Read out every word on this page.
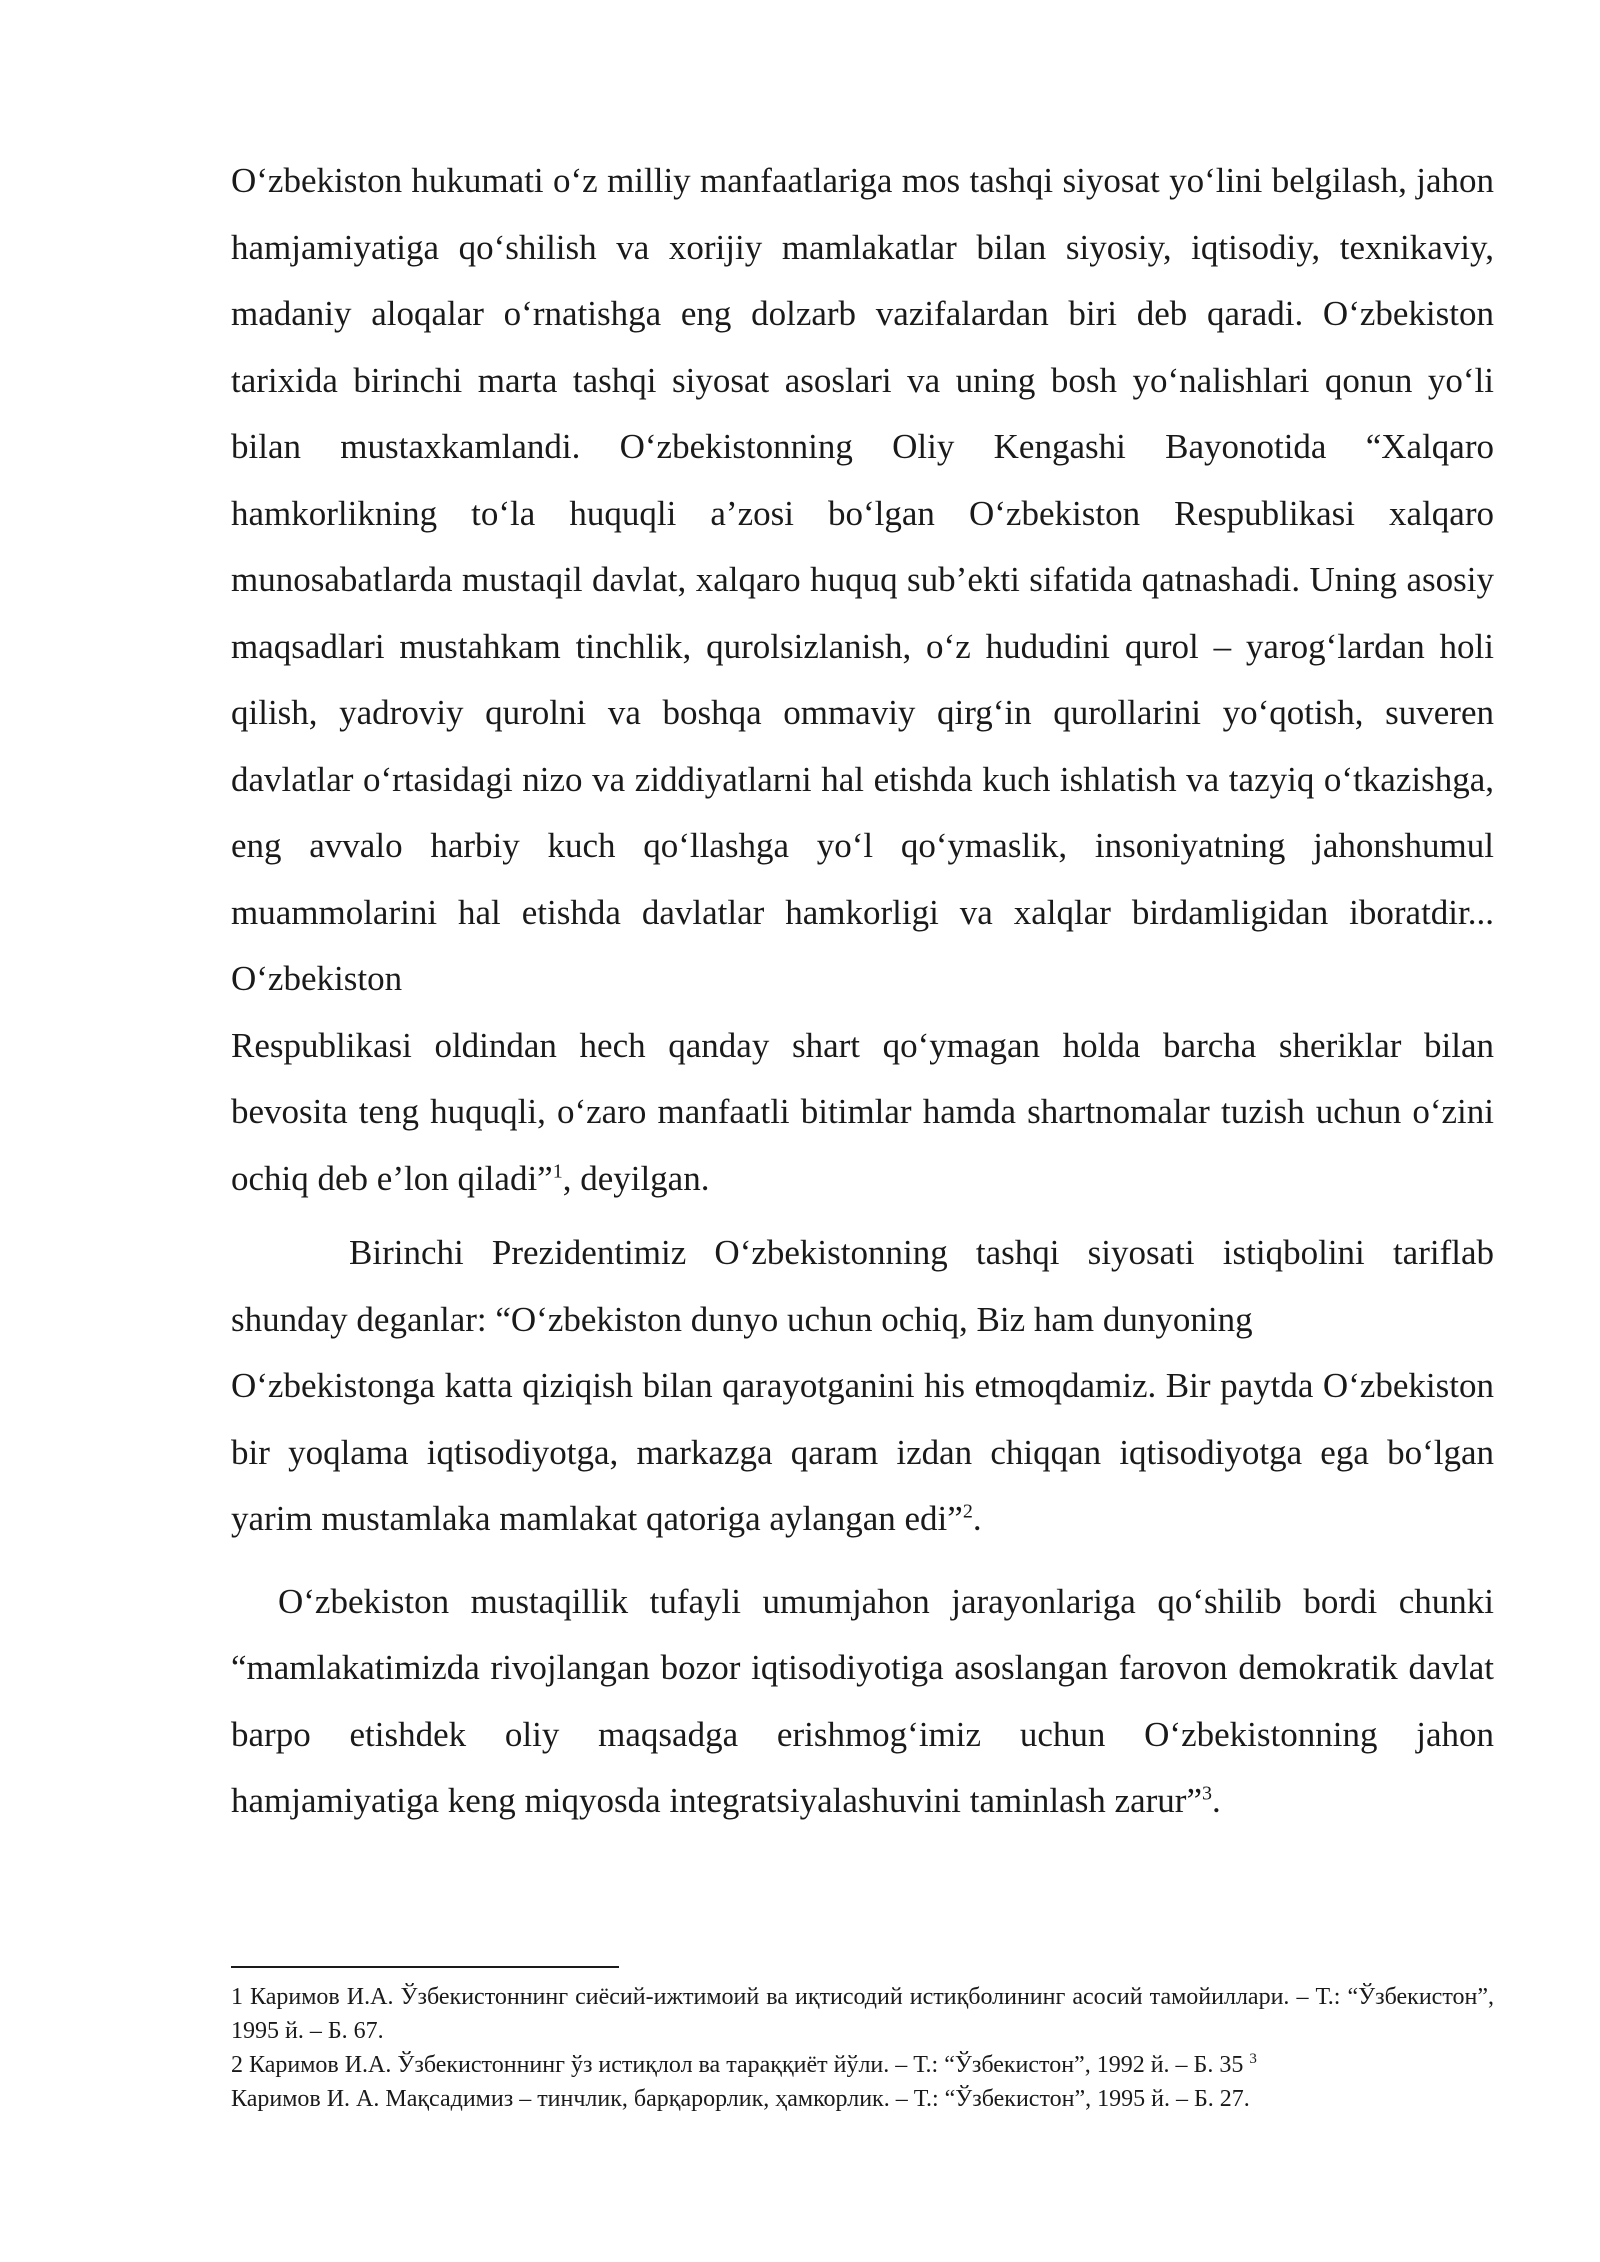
O‘zbekiston hukumati o‘z milliy manfaatlariga mos tashqi siyosat yo‘lini belgilash, jahon hamjamiyatiga qo‘shilish va xorijiy mamlakatlar bilan siyosiy, iqtisodiy, texnikaviy, madaniy aloqalar o‘rnatishga eng dolzarb vazifalardan biri deb qaradi. O‘zbekiston tarixida birinchi marta tashqi siyosat asoslari va uning bosh yo‘nalishlari qonun yo‘li bilan mustaxkamlandi. O‘zbekistonning Oliy Kengashi Bayonotida “Xalqaro hamkorlikning to‘la huquqli a’zosi bo‘lgan O‘zbekiston Respublikasi xalqaro munosabatlarda mustaqil davlat, xalqaro huquq sub’ekti sifatida qatnashadi. Uning asosiy maqsadlari mustahkam tinchlik, qurolsizlanish, o‘z hududini qurol – yarog‘lardan holi qilish, yadroviy qurolni va boshqa ommaviy qirg‘in qurollarini yo‘qotish, suveren davlatlar o‘rtasidagi nizo va ziddiyatlarni hal etishda kuch ishlatish va tazyiq o‘tkazishga, eng avvalo harbiy kuch qo‘llashga yo‘l qo‘ymaslik, insoniyatning jahonshumul muammolarini hal etishda davlatlar hamkorligi va xalqlar birdamligidan iboratdir... O‘zbekiston

Respublikasi oldindan hech qanday shart qo‘ymagan holda barcha sheriklar bilan bevosita teng huquqli, o‘zaro manfaatli bitimlar hamda shartnomalar tuzish uchun o‘zini ochiq deb e’lon qiladi”$^1$, deyilgan.

Birinchi Prezidentimiz O‘zbekistonning tashqi siyosati istiqbolini tariflab shunday deganlar: “O‘zbekiston dunyo uchun ochiq, Biz ham dunyoning

O‘zbekistonga katta qiziqish bilan qarayotganini his etmoqdamiz. Bir paytda O‘zbekiston bir yoqlama iqtisodiyotga, markazga qaram izdan chiqqan iqtisodiyotga ega bo‘lgan yarim mustamlaka mamlakat qatoriga aylangan edi”$^2$.

O‘zbekiston mustaqillik tufayli umumjahon jarayonlariga qo‘shilib bordi chunki “mamlakatimizda rivojlangan bozor iqtisodiyotiga asoslangan farovon demokratik davlat barpo etishdek oliy maqsadga erishmog‘imiz uchun O‘zbekistonning jahon hamjamiyatiga keng miqyosda integratsiyalashuvini taminlash zarur”$^3$.

1 Каримов И.А. Ўзбекистоннинг сиёсий-ижтимоий ва иқтисодий истиқболининг асосий тамойиллари. – Т.: “Ўзбекистон”, 1995 й. – Б. 67.

2 Каримов И.А. Ўзбекистоннинг ўз истиқлол ва тараққиёт йўли. – Т.: “Ўзбекистон”, 1992 й. – Б. 35 $^3$

Каримов И. А. Мақсадимиз – тинчлик, барқарорлик, ҳамкорлик. – Т.: “Ўзбекистон”, 1995 й. – Б. 27.
